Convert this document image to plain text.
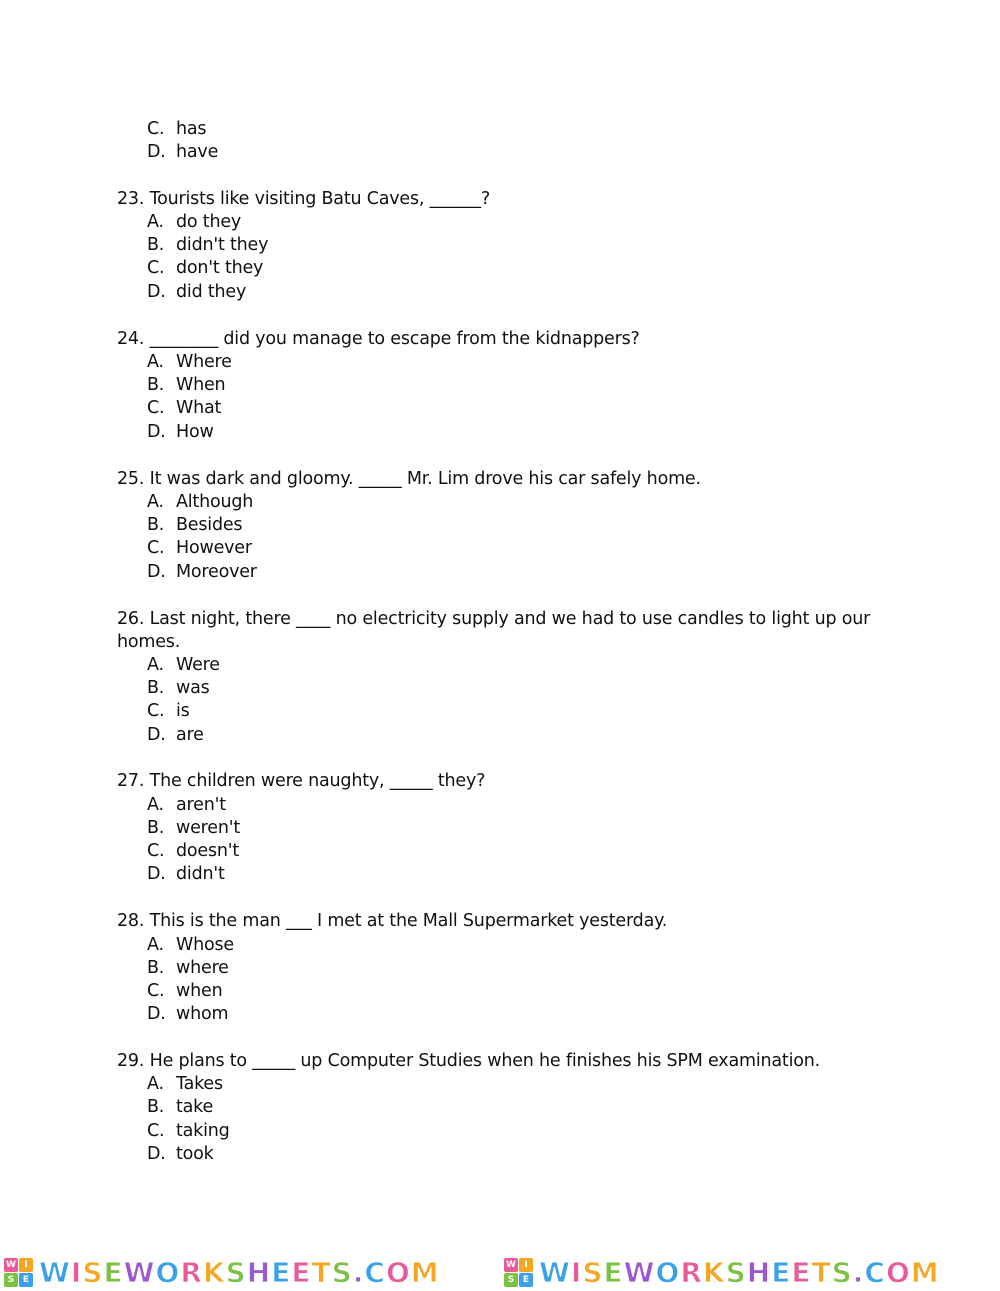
C. has
D. have
23. Tourists like visiting Batu Caves, ______?
A. do they
B. didn't they
C. don't they
D. did they
24. ________ did you manage to escape from the kidnappers?
A. Where
B. When
C. What
D. How
25. It was dark and gloomy. _____ Mr. Lim drove his car safely home.
A. Although
B. Besides
C. However
D. Moreover
26. Last night, there ____ no electricity supply and we had to use candles to light up our
homes.
A. Were
B. was
C. is
D. are
27. The children were naughty, _____ they?
A. aren't
B. weren't
C. doesn't
D. didn't
28. This is the man ___ I met at the Mall Supermarket yesterday.
A. Whose
B. where
C. when
D. whom
29. He plans to _____ up Computer Studies when he finishes his SPM examination.
A. Takes
B. take
C. taking
D. took
W I
S E WISEWORKSHEETS.COM	W I
S E WISEWORKSHEETS.COM
